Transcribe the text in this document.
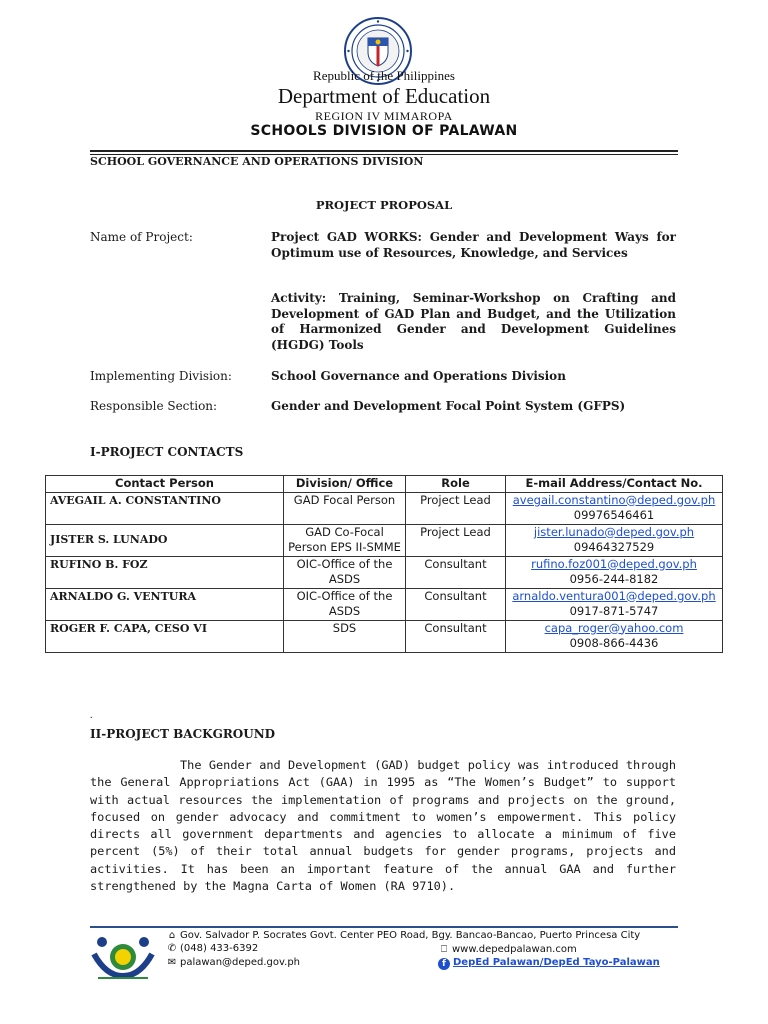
Republic of the Philippines
Department of Education
REGION IV MIMAROPA
SCHOOLS DIVISION OF PALAWAN
SCHOOL GOVERNANCE AND OPERATIONS DIVISION
PROJECT PROPOSAL
Name of Project:	Project GAD WORKS: Gender and Development Ways for Optimum use of Resources, Knowledge, and Services
Activity: Training, Seminar-Workshop on Crafting and Development of GAD Plan and Budget, and the Utilization of Harmonized Gender and Development Guidelines (HGDG) Tools
Implementing Division:	School Governance and Operations Division
Responsible Section:	Gender and Development Focal Point System (GFPS)
I-PROJECT CONTACTS
Contact Person	Division/ Office	Role	E-mail Address/Contact No.
AVEGAIL A. CONSTANTINO	GAD Focal Person	Project Lead	avegail.constantino@deped.gov.ph
09976546461
JISTER S. LUNADO	GAD Co-Focal Person EPS II-SMME	Project Lead	jister.lunado@deped.gov.ph
09464327529
RUFINO B. FOZ	OIC-Office of the ASDS	Consultant	rufino.foz001@deped.gov.ph
0956-244-8182
ARNALDO G. VENTURA	OIC-Office of the ASDS	Consultant	arnaldo.ventura001@deped.gov.ph
0917-871-5747
ROGER F. CAPA, CESO VI	SDS	Consultant	capa_roger@yahoo.com
0908-866-4436
.
II-PROJECT BACKGROUND

The Gender and Development (GAD) budget policy was introduced through the General Appropriations Act (GAA) in 1995 as “The Women’s Budget” to support with actual resources the implementation of programs and projects on the ground, focused on gender advocacy and commitment to women’s empowerment. This policy directs all government departments and agencies to allocate a minimum of five percent (5%) of their total annual budgets for gender programs, projects and activities. It has been an important feature of the annual GAA and further strengthened by the Magna Carta of Women (RA 9710).

⌂ Gov. Salvador P. Socrates Govt. Center PEO Road, Bgy. Bancao-Bancao, Puerto Princesa City
✆ (048) 433-6392	⎕ www.depedpalawan.com
✉ palawan@deped.gov.ph	f DepEd Palawan/DepEd Tayo-Palawan
